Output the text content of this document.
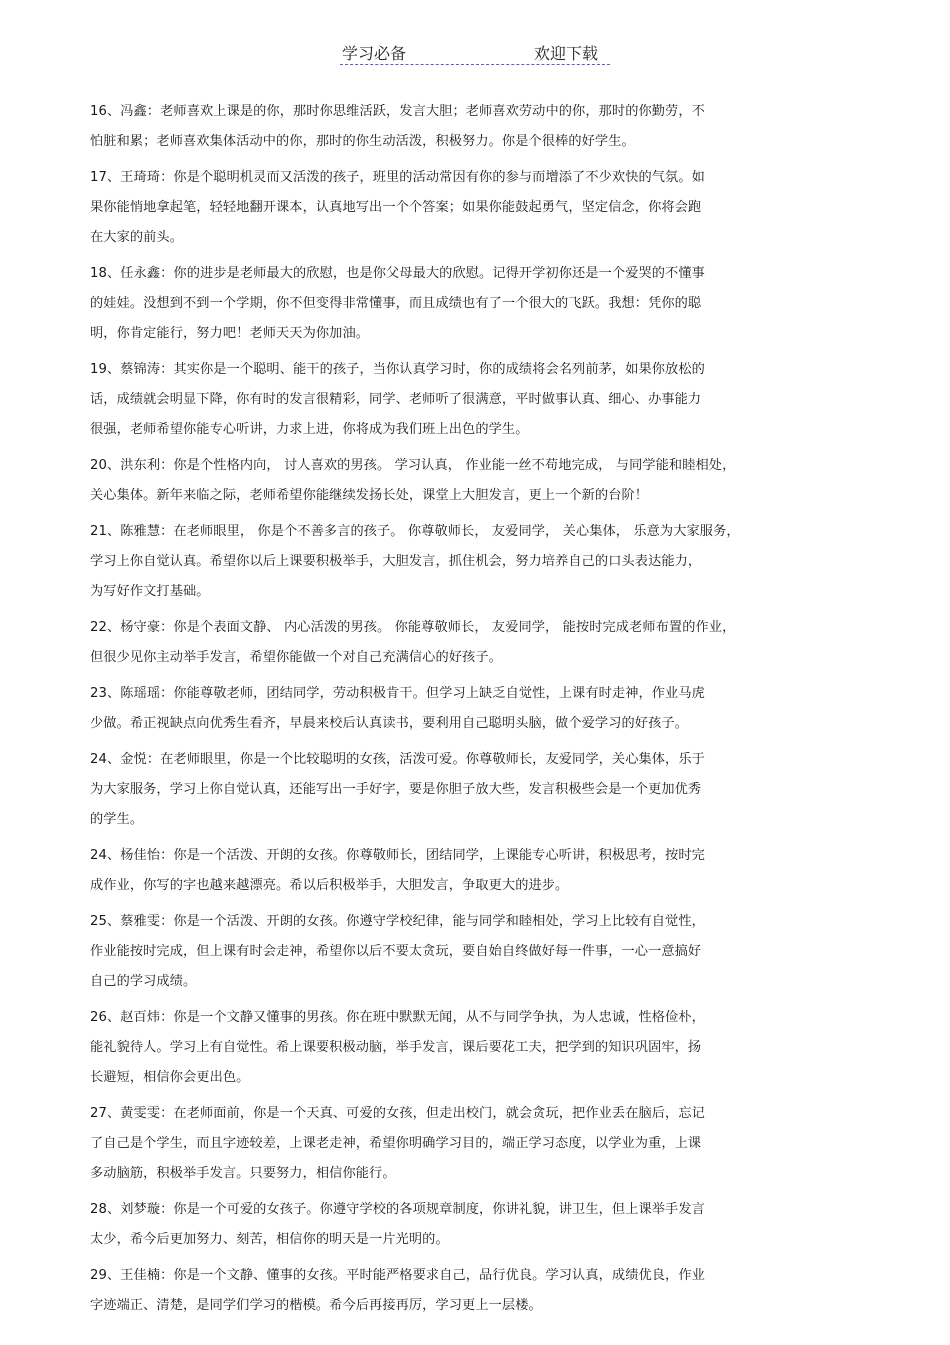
学习必备	欢迎下载
16、冯鑫：老师喜欢上课是的你，那时你思维活跃，发言大胆；老师喜欢劳动中的你，那时的你勤劳，不
怕脏和累；老师喜欢集体活动中的你，那时的你生动活泼，积极努力。你是个很棒的好学生。
17、王琦琦：你是个聪明机灵而又活泼的孩子，班里的活动常因有你的参与而增添了不少欢快的气氛。如
果你能悄地拿起笔，轻轻地翻开课本，认真地写出一个个答案；如果你能鼓起勇气，坚定信念，你将会跑
在大家的前头。
18、任永鑫：你的进步是老师最大的欣慰，也是你父母最大的欣慰。记得开学初你还是一个爱哭的不懂事
的娃娃。没想到不到一个学期，你不但变得非常懂事，而且成绩也有了一个很大的飞跃。我想：凭你的聪
明，你肯定能行，努力吧！老师天天为你加油。
19、蔡锦涛：其实你是一个聪明、能干的孩子，当你认真学习时，你的成绩将会名列前茅，如果你放松的
话，成绩就会明显下降，你有时的发言很精彩，同学、老师听了很满意，平时做事认真、细心、办事能力
很强，老师希望你能专心听讲，力求上进，你将成为我们班上出色的学生。
20、洪东利：你是个性格内向， 讨人喜欢的男孩。 学习认真， 作业能一丝不苟地完成， 与同学能和睦相处，
关心集体。新年来临之际，老师希望你能继续发扬长处，课堂上大胆发言，更上一个新的台阶！
21、陈雅慧：在老师眼里， 你是个不善多言的孩子。 你尊敬师长， 友爱同学， 关心集体， 乐意为大家服务，
学习上你自觉认真。希望你以后上课要积极举手，大胆发言，抓住机会，努力培养自己的口头表达能力，
为写好作文打基础。
22、杨守豪：你是个表面文静、 内心活泼的男孩。 你能尊敬师长， 友爱同学， 能按时完成老师布置的作业，
但很少见你主动举手发言，希望你能做一个对自己充满信心的好孩子。
23、陈瑶瑶：你能尊敬老师，团结同学，劳动积极肯干。但学习上缺乏自觉性，上课有时走神，作业马虎
少做。希正视缺点向优秀生看齐，早晨来校后认真读书，要利用自己聪明头脑，做个爱学习的好孩子。
24、金悦：在老师眼里，你是一个比较聪明的女孩，活泼可爱。你尊敬师长，友爱同学，关心集体，乐于
为大家服务，学习上你自觉认真，还能写出一手好字，要是你胆子放大些，发言积极些会是一个更加优秀
的学生。
24、杨佳怡：你是一个活泼、开朗的女孩。你尊敬师长，团结同学，上课能专心听讲，积极思考，按时完
成作业，你写的字也越来越漂亮。希以后积极举手，大胆发言，争取更大的进步。
25、蔡雅雯：你是一个活泼、开朗的女孩。你遵守学校纪律，能与同学和睦相处，学习上比较有自觉性，
作业能按时完成，但上课有时会走神，希望你以后不要太贪玩，要自始自终做好每一件事，一心一意搞好
自己的学习成绩。
26、赵百炜：你是一个文静又懂事的男孩。你在班中默默无闻，从不与同学争执，为人忠诚，性格俭朴，
能礼貌待人。学习上有自觉性。希上课要积极动脑，举手发言，课后要花工夫，把学到的知识巩固牢，扬
长避短，相信你会更出色。
27、黄雯雯：在老师面前，你是一个天真、可爱的女孩，但走出校门，就会贪玩，把作业丢在脑后，忘记
了自己是个学生，而且字迹较差，上课老走神，希望你明确学习目的，端正学习态度，以学业为重，上课
多动脑筋，积极举手发言。只要努力，相信你能行。
28、刘梦璇：你是一个可爱的女孩子。你遵守学校的各项规章制度，你讲礼貌，讲卫生，但上课举手发言
太少，希今后更加努力、刻苦，相信你的明天是一片光明的。
29、王佳楠：你是一个文静、懂事的女孩。平时能严格要求自己，品行优良。学习认真，成绩优良，作业
字迹端正、清楚，是同学们学习的楷模。希今后再接再厉，学习更上一层楼。
